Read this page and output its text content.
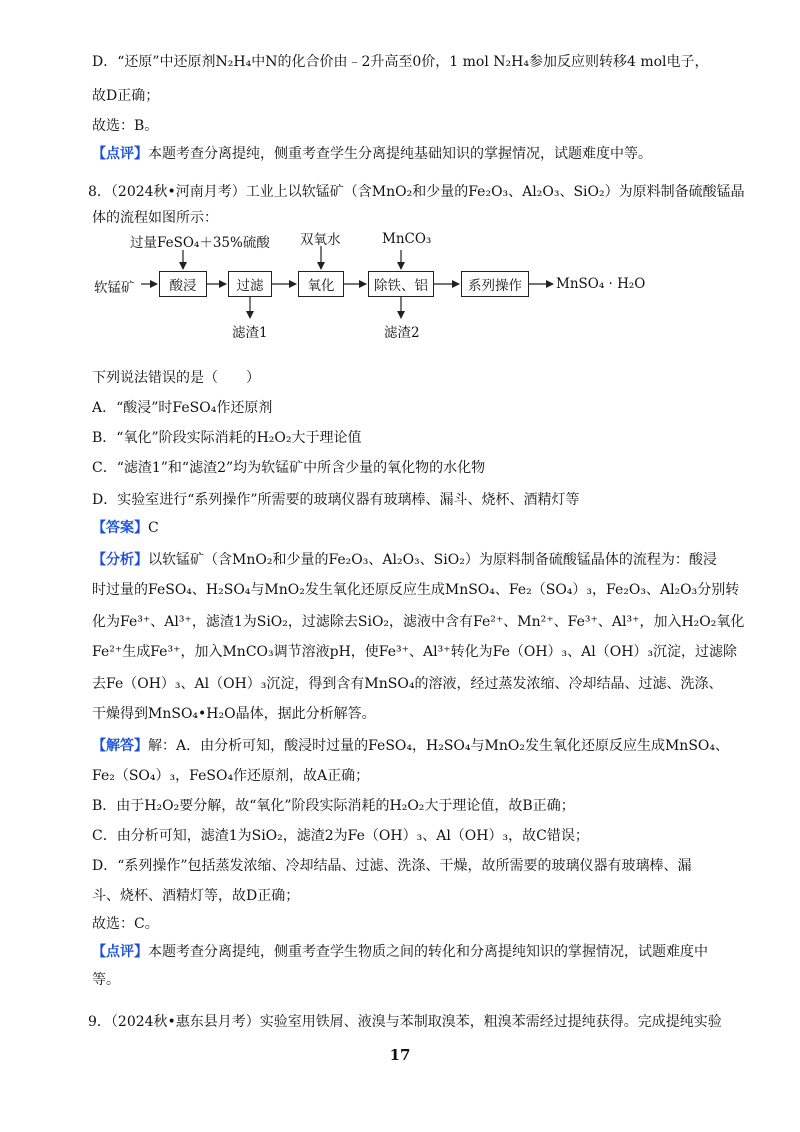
D．“还原”中还原剂N₂H₄中N的化合价由﹣2升高至0价，1 mol N₂H₄参加反应则转移4 mol电子，
故D正确；
故选：B。
【点评】本题考查分离提纯，侧重考查学生分离提纯基础知识的掌握情况，试题难度中等。
8．（2024秋•河南月考）工业上以软锰矿（含MnO₂和少量的Fe₂O₃、Al₂O₃、SiO₂）为原料制备硫酸锰晶
体的流程如图所示：
下列说法错误的是（　　）
A．“酸浸”时FeSO₄作还原剂
B．“氧化”阶段实际消耗的H₂O₂大于理论值
C．“滤渣1”和“滤渣2”均为软锰矿中所含少量的氧化物的水化物
D．实验室进行“系列操作”所需要的玻璃仪器有玻璃棒、漏斗、烧杯、酒精灯等
【答案】C
【分析】以软锰矿（含MnO₂和少量的Fe₂O₃、Al₂O₃、SiO₂）为原料制备硫酸锰晶体的流程为：酸浸
时过量的FeSO₄、H₂SO₄与MnO₂发生氧化还原反应生成MnSO₄、Fe₂（SO₄）₃，Fe₂O₃、Al₂O₃分别转
化为Fe³⁺、Al³⁺，滤渣1为SiO₂，过滤除去SiO₂，滤液中含有Fe²⁺、Mn²⁺、Fe³⁺、Al³⁺，加入H₂O₂氧化
Fe²⁺生成Fe³⁺，加入MnCO₃调节溶液pH，使Fe³⁺、Al³⁺转化为Fe（OH）₃、Al（OH）₃沉淀，过滤除
去Fe（OH）₃、Al（OH）₃沉淀，得到含有MnSO₄的溶液，经过蒸发浓缩、冷却结晶、过滤、洗涤、
干燥得到MnSO₄•H₂O晶体，据此分析解答。
【解答】解：A．由分析可知，酸浸时过量的FeSO₄，H₂SO₄与MnO₂发生氧化还原反应生成MnSO₄、
Fe₂（SO₄）₃，FeSO₄作还原剂，故A正确；
B．由于H₂O₂要分解，故“氧化”阶段实际消耗的H₂O₂大于理论值，故B正确；
C．由分析可知，滤渣1为SiO₂，滤渣2为Fe（OH）₃、Al（OH）₃，故C错误；
D．“系列操作”包括蒸发浓缩、冷却结晶、过滤、洗涤、干燥，故所需要的玻璃仪器有玻璃棒、漏
斗、烧杯、酒精灯等，故D正确；
故选：C。
【点评】本题考查分离提纯，侧重考查学生物质之间的转化和分离提纯知识的掌握情况，试题难度中
等。
9．（2024秋•惠东县月考）实验室用铁屑、液溴与苯制取溴苯，粗溴苯需经过提纯获得。完成提纯实验
软锰矿	酸浸	过滤	氧化	除铁、铝	系列操作	MnSO₄ · H₂O
过量FeSO₄＋35%硫酸 双氧水	MnCO₃
滤渣1	滤渣2
17
